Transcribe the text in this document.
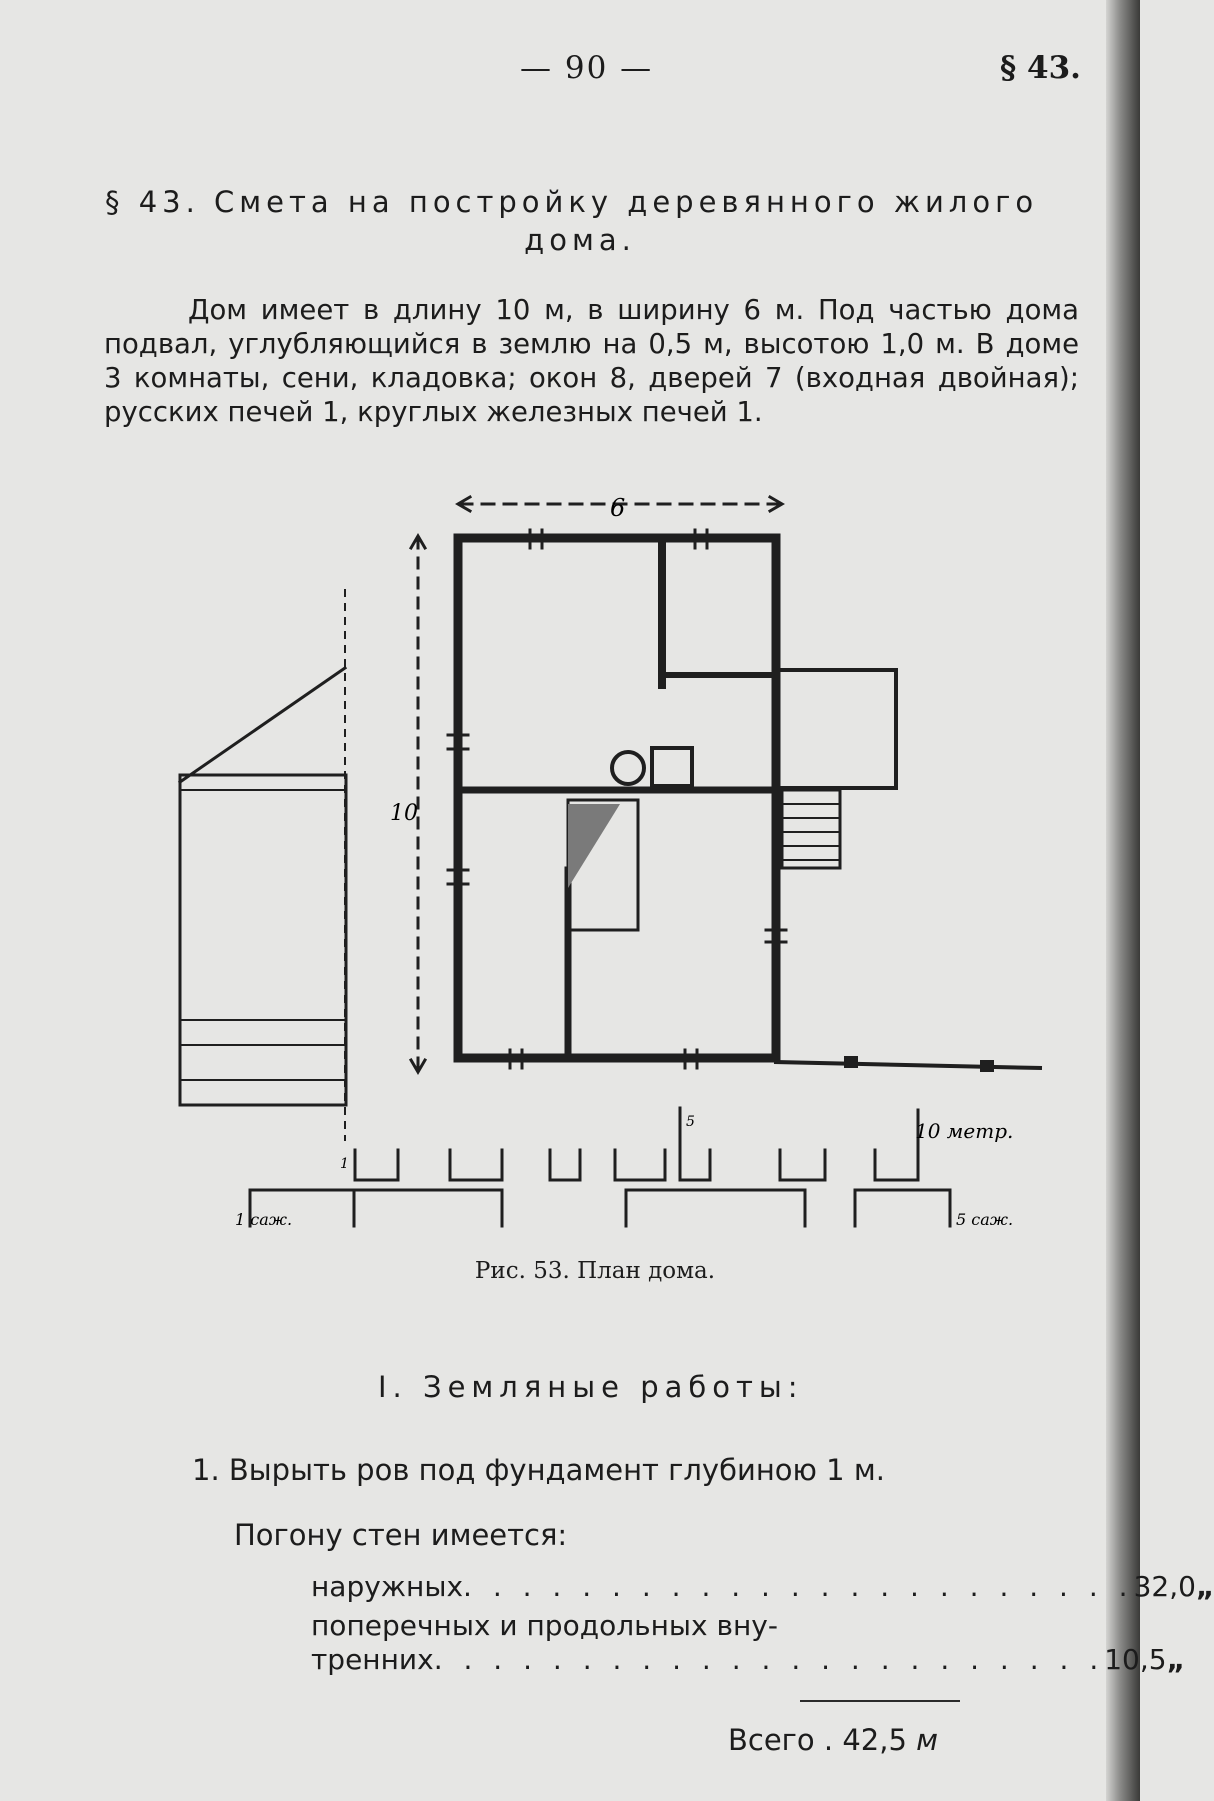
— 90 —	§ 43.
§ 43. Смета на постройку деревянного жилого
дома.
Дом имеет в длину 10 м, в ширину 6 м. Под частью дома подвал, углубляющийся в землю на 0,5 м, высотою 1,0 м. В доме 3 комнаты, сени, кладовка; окон 8, дверей 7 (входная двойная); русских печей 1, круглых железных печей 1.
6
10
1
5	10 метр.
1 саж.	5 саж.
Рис. 53. План дома.
I. Земляные работы:
1. Вырыть ров под фундамент глубиною 1 м.
Погону стен имеется:
наружных . . . . . . . . . . . . . . . . . . . . . . . 32,0 „
поперечных и продольных вну-
тренних . . . . . . . . . . . . . . . . . . . . . . . 10,5 „
Всего . 42,5 м
